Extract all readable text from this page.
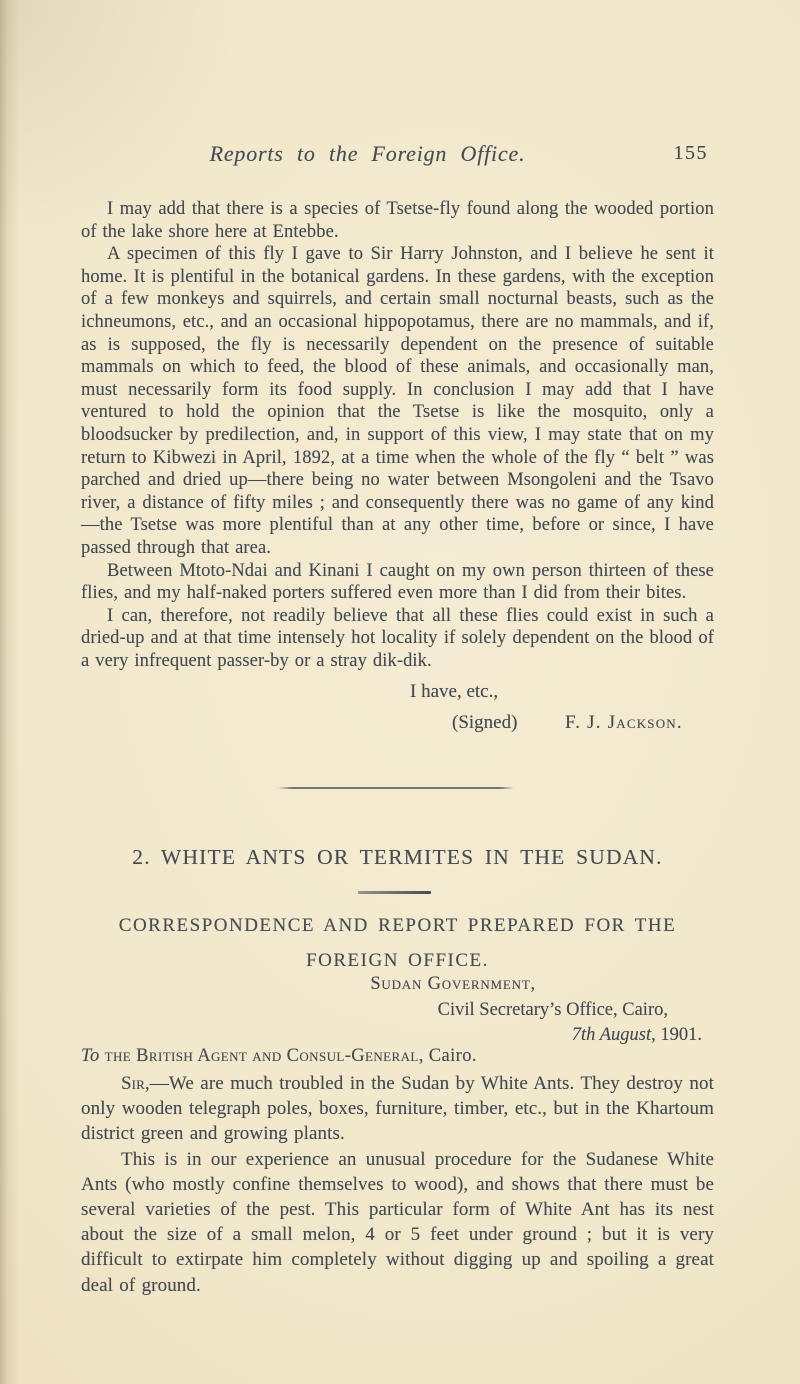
Reports to the Foreign Office.	155

I may add that there is a species of Tsetse-fly found along the wooded portion of the lake shore here at Entebbe.

A specimen of this fly I gave to Sir Harry Johnston, and I believe he sent it home. It is plentiful in the botanical gardens. In these gardens, with the exception of a few monkeys and squirrels, and certain small nocturnal beasts, such as the ichneumons, etc., and an occasional hippopotamus, there are no mammals, and if, as is supposed, the fly is necessarily dependent on the presence of suitable mammals on which to feed, the blood of these animals, and occasionally man, must necessarily form its food supply. In conclusion I may add that I have ventured to hold the opinion that the Tsetse is like the mosquito, only a bloodsucker by predilection, and, in support of this view, I may state that on my return to Kibwezi in April, 1892, at a time when the whole of the fly “ belt ” was parched and dried up—there being no water between Msongoleni and the Tsavo river, a distance of fifty miles ; and consequently there was no game of any kind—the Tsetse was more plentiful than at any other time, before or since, I have passed through that area.

Between Mtoto-Ndai and Kinani I caught on my own person thirteen of these flies, and my half-naked porters suffered even more than I did from their bites.

I can, therefore, not readily believe that all these flies could exist in such a dried-up and at that time intensely hot locality if solely dependent on the blood of a very infrequent passer-by or a stray dik-dik.

I have, etc.,
(Signed)	F. J. Jackson.
2. WHITE ANTS OR TERMITES IN THE SUDAN.
CORRESPONDENCE AND REPORT PREPARED FOR THE
FOREIGN OFFICE.
Sudan Government,
Civil Secretary’s Office, Cairo,
7th August, 1901.
To the British Agent and Consul-General, Cairo.

Sir,—We are much troubled in the Sudan by White Ants. They destroy not only wooden telegraph poles, boxes, furniture, timber, etc., but in the Khartoum district green and growing plants.

This is in our experience an unusual procedure for the Sudanese White Ants (who mostly confine themselves to wood), and shows that there must be several varieties of the pest. This particular form of White Ant has its nest about the size of a small melon, 4 or 5 feet under ground ; but it is very difficult to extirpate him completely without digging up and spoiling a great deal of ground.
